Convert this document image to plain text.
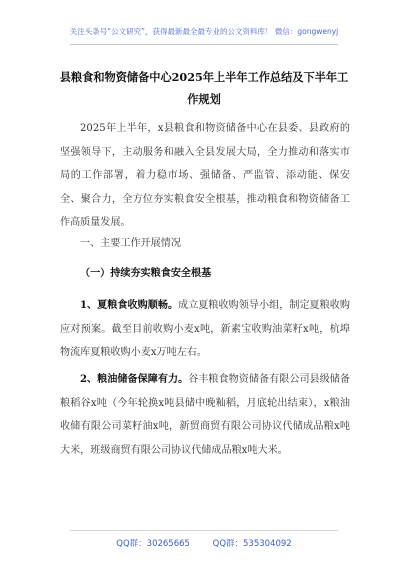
关注头条号“公文研究”，获得最新最全最专业的公文资料库！ 微信：gongwenyj
县粮食和物资储备中心2025年上半年工作总结及下半年工作规划

2025年上半年，x县粮食和物资储备中心在县委、县政府的坚强领导下，主动服务和融入全县发展大局，全力推动和落实市局的工作部署，着力稳市场、强储备、严监管、添动能、保安全、聚合力，全方位夯实粮食安全根基，推动粮食和物资储备工作高质量发展。

一、主要工作开展情况
（一）持续夯实粮食安全根基

1、夏粮食收购顺畅。成立夏粮收购领导小组，制定夏粮收购应对预案。截至目前收购小麦x吨，新素宝收购油菜籽x吨，杭埠物流库夏粮收购小麦x万吨左右。

2、粮油储备保障有力。谷丰粮食物资储备有限公司县级储备粮稻谷x吨（今年轮换x吨县储中晚籼稻，月底轮出结束），x粮油收储有限公司菜籽油x吨，新贸商贸有限公司协议代储成品粮x吨大米，班级商贸有限公司协议代储成品粮x吨大米。

QQ群：30265665	QQ群：535304092
